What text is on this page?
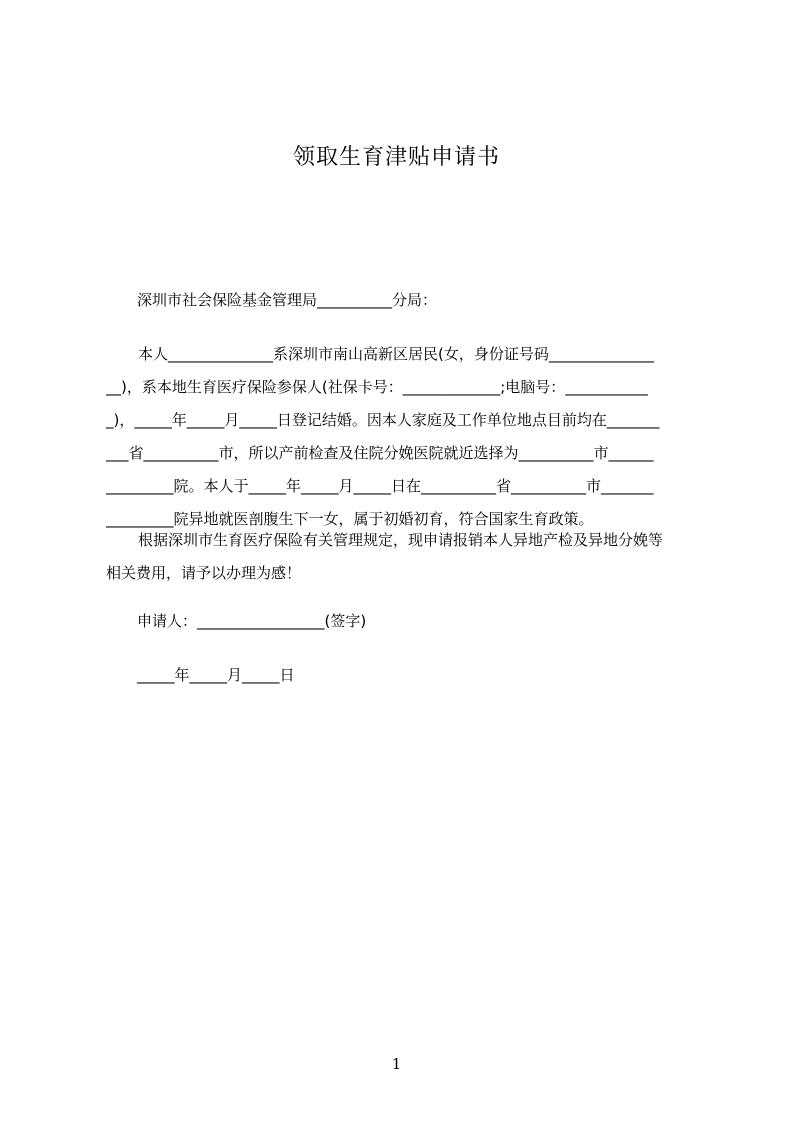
领取生育津贴申请书
深圳市社会保险基金管理局__________分局：
本人______________系深圳市南山高新区居民(女，身份证号码______________
__)，系本地生育医疗保险参保人(社保卡号：_____________;电脑号：___________
_)，_____年_____月_____日登记结婚。因本人家庭及工作单位地点目前均在_______
___省__________市，所以产前检查及住院分娩医院就近选择为__________市______
_________院。本人于_____年_____月_____日在__________省__________市_______
_________院异地就医剖腹生下一女，属于初婚初育，符合国家生育政策。
根据深圳市生育医疗保险有关管理规定，现申请报销本人异地产检及异地分娩等
相关费用，请予以办理为感！
申请人：_________________(签字)
_____年_____月_____日
1
